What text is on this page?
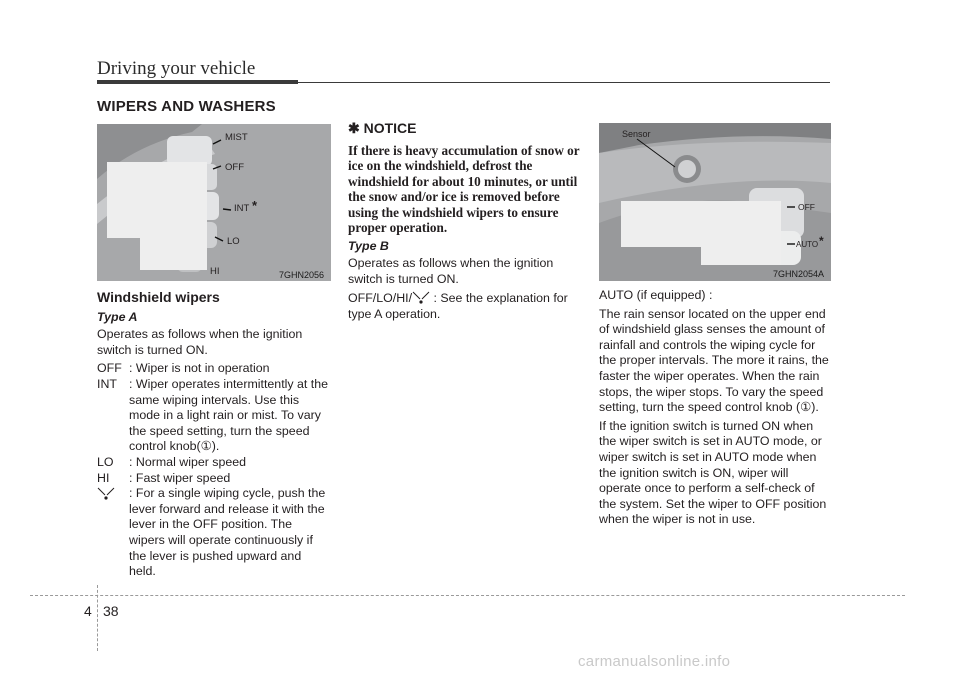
Driving your vehicle
WIPERS AND WASHERS
MIST
OFF
INT *
LO
HI	7GHN2056
Sensor
OFF
AUTO *
7GHN2054A
Windshield wipers
Type A

Operates as follows when the ignition switch is turned ON.

OFF : Wiper is not in operation
INT : Wiper operates intermittently at the same wiping intervals. Use this mode in a light rain or mist. To vary the speed setting, turn the speed control knob(①).
LO	: Normal wiper speed
HI	: Fast wiper speed
: For a single wiping cycle, push the lever forward and release it with the lever in the OFF position. The wipers will operate continuously if the lever is pushed upward and held.
✱ NOTICE

If there is heavy accumulation of snow or ice on the windshield, defrost the windshield for about 10 minutes, or until the snow and/or ice is removed before using the windshield wipers to ensure proper operation.

Type B

Operates as follows when the ignition switch is turned ON.

OFF/LO/HI/ : See the explanation for type A operation.

AUTO (if equipped) :

The rain sensor located on the upper end of windshield glass senses the amount of rainfall and controls the wiping cycle for the proper intervals. The more it rains, the faster the wiper operates. When the rain stops, the wiper stops. To vary the speed setting, turn the speed control knob (①).

If the ignition switch is turned ON when the wiper switch is set in AUTO mode, or wiper switch is set in AUTO mode when the ignition switch is ON, wiper will operate once to perform a self-check of the system. Set the wiper to OFF position when the wiper is not in use.

4 38
carmanualsonline.info
